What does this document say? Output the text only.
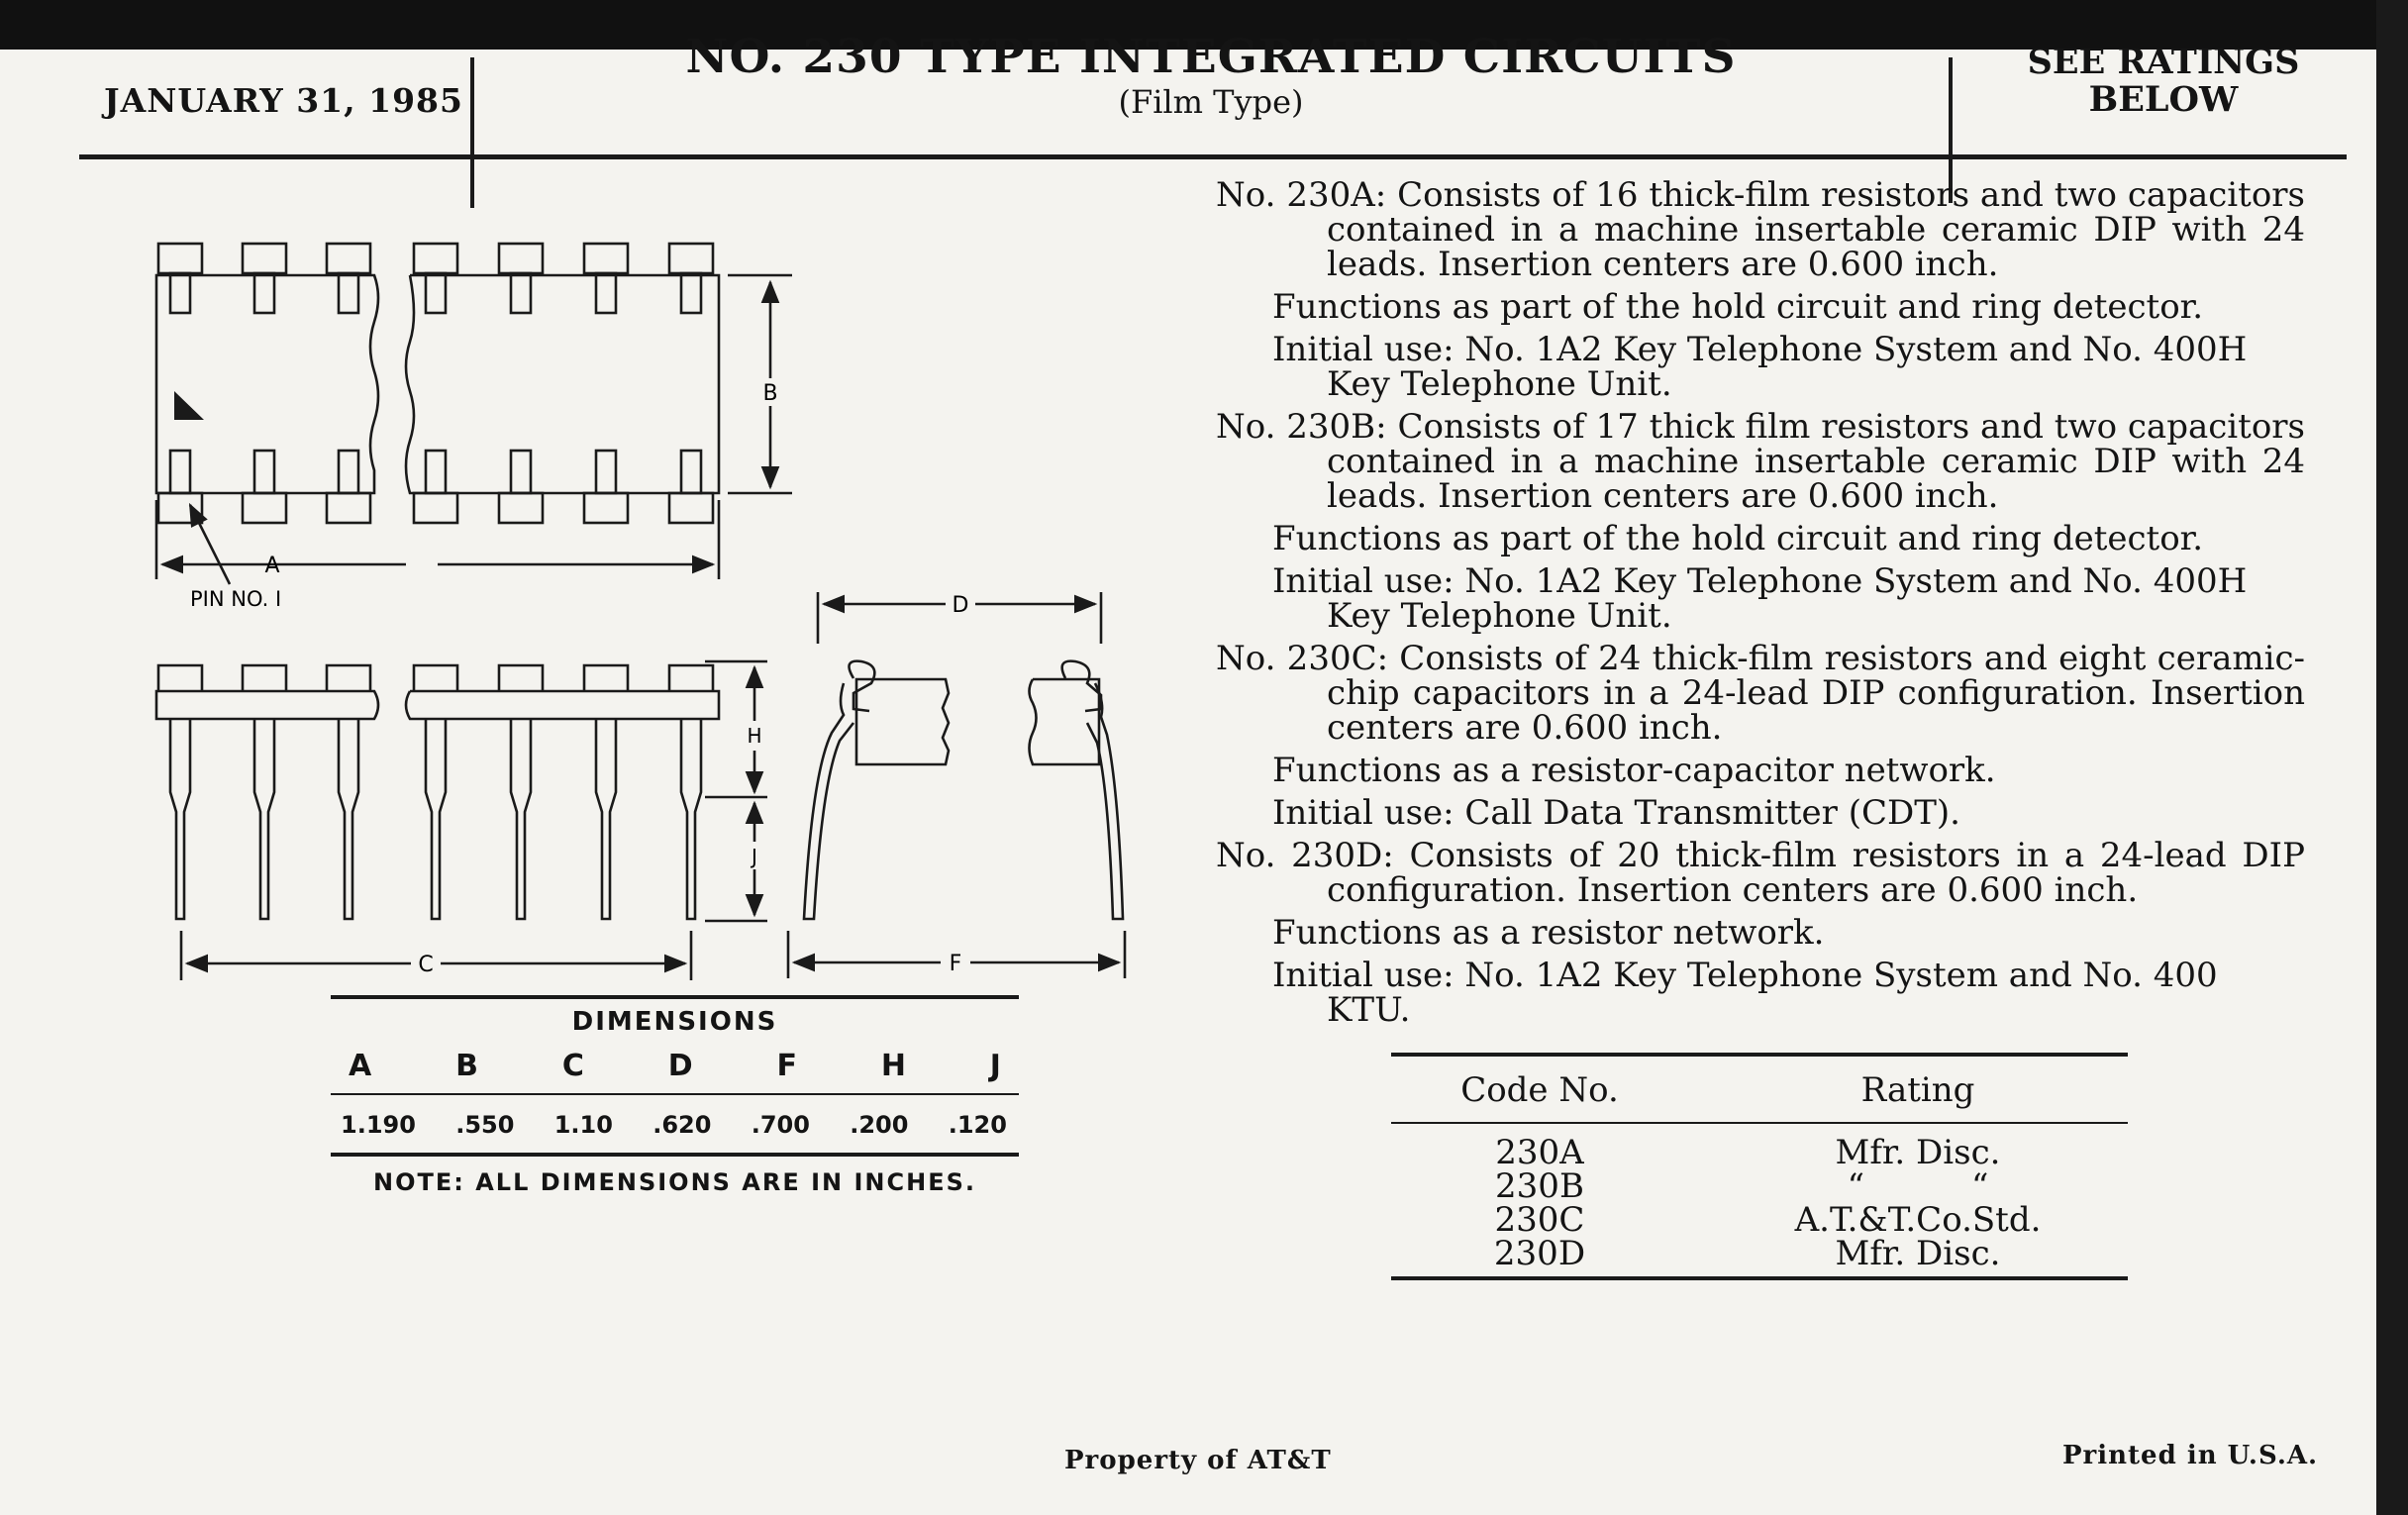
JANUARY 31, 1985
NO. 230 TYPE INTEGRATED CIRCUITS
(Film Type)
SEE RATINGS
BELOW
A
B
PIN NO. I
H
J
C
D
F
DIMENSIONS
A	B	C	D	F	H	J
1.190 .550 1.10 .620 .700 .200 .120
NOTE: ALL DIMENSIONS ARE IN INCHES.
No. 230A: Consists of 16 thick-film resistors and two capacitors contained in a machine insertable ceramic DIP with 24 leads. Insertion centers are 0.600 inch.
Functions as part of the hold circuit and ring detector.
Initial use: No. 1A2 Key Telephone System and No. 400H Key Telephone Unit.
No. 230B: Consists of 17 thick film resistors and two capacitors contained in a machine insertable ceramic DIP with 24 leads. Insertion centers are 0.600 inch.
Functions as part of the hold circuit and ring detector.
Initial use: No. 1A2 Key Telephone System and No. 400H Key Telephone Unit.
No. 230C: Consists of 24 thick-film resistors and eight ceramic-chip capacitors in a 24-lead DIP configuration. Insertion centers are 0.600 inch.
Functions as a resistor-capacitor network.
Initial use: Call Data Transmitter (CDT).
No. 230D: Consists of 20 thick-film resistors in a 24-lead DIP configuration. Insertion centers are 0.600 inch.
Functions as a resistor network.
Initial use: No. 1A2 Key Telephone System and No. 400 KTU.
Code No.	Rating
230A	Mfr. Disc.
230B	“          “
230C	A.T.&T.Co.Std.
230D	Mfr. Disc.
Property of AT&T	Printed in U.S.A.
